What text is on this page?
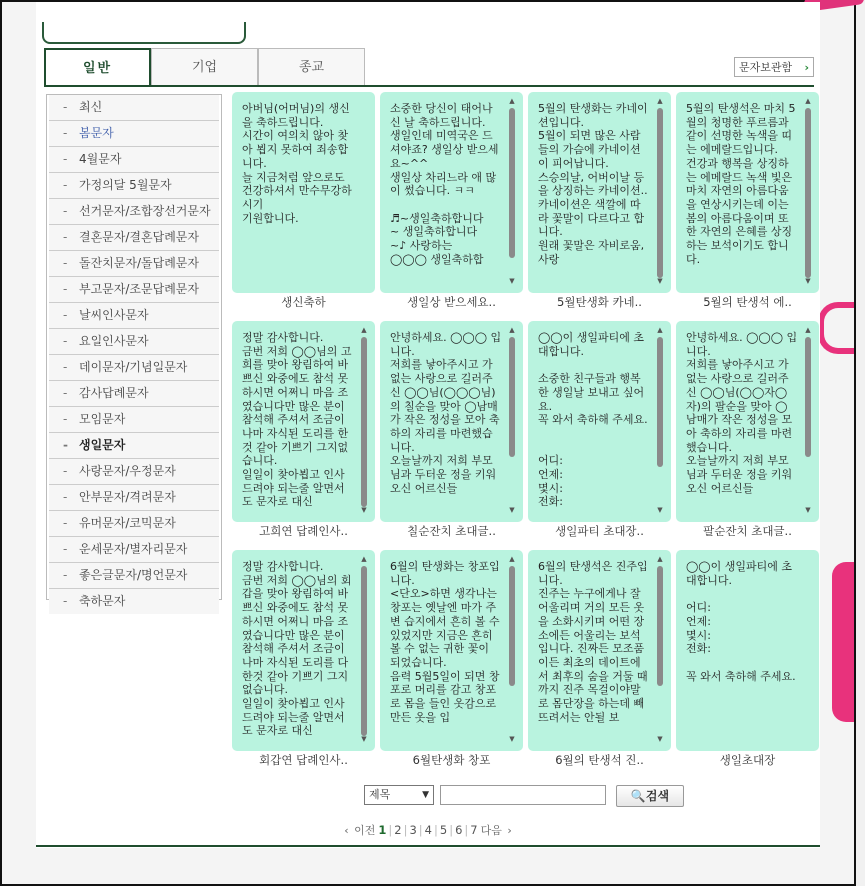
일반	기업	종교	문자보관함 ›
- 최신
- 봄문자
- 4월문자
- 가정의달 5월문자
- 선거문자/조합장선거문자
- 결혼문자/결혼답례문자
- 돌잔치문자/돌답례문자
- 부고문자/조문답례문자
- 날씨인사문자
- 요일인사문자
- 데이문자/기념일문자
- 감사답례문자
- 모임문자
- 생일문자
- 사랑문자/우정문자
- 안부문자/격려문자
- 유머문자/코믹문자
- 운세문자/별자리문자
- 좋은글문자/명언문자
- 축하문자
아버님(어머님)의 생신을 축하드립니다.
시간이 여의치 않아 찾아 뵙지 못하여 죄송합니다.
늘 지금처럼 앞으로도 건강하셔서 만수무강하시기
기원합니다.
생신축하
소중한 당신이 태어나신 날 축하드립니다.
생일인데 미역국은 드셔야죠? 생일상 받으세요~^^
생일상 차리느라 애 많이 썼습니다. ㅋㅋ

♬~생일축하합니다
~ 생일축하합니다
~♪ 사랑하는
◯◯◯ 생일축하합
▲
▼
생일상 받으세요..
5월의 탄생화는 카네이션입니다.
5월이 되면 많은 사람들의 가슴에 카네이션이 피어납니다.
스승의날, 어버이날 등을 상징하는 카네이션..
카네이션은 색깔에 따라 꽃말이 다르다고 합니다.
원래 꽃말은 자비로움, 사랑
▲
▼
5월탄생화 카네..
5월의 탄생석은 마치 5월의 청명한 푸르름과 같이 선명한 녹색을 띠는 에메랄드입니다.
건강과 행복을 상징하는 에메랄드 녹색 빛은 마치 자연의 아름다움을 연상시키는데 이는 봄의 아름다움이며 또한 자연의 은혜를 상징하는 보석이기도 합니다.
▲
▼
5월의 탄생석 에..
정말 감사합니다.
금번 저희 ◯◯님의 고희를 맞아 왕림하여 바쁘신 와중에도 참석 못하시면 어쩌니 마음 조였습니다만 많은 분이 참석해 주셔서 조금이나마 자식된 도리를 한것 같아 기쁘기 그지없습니다.
일일이 찾아뵙고 인사드려야 되는줄 알면서도 문자로 대신
▲
▼
고희연 답례인사..
안녕하세요. ◯◯◯ 입니다.
저희를 낳아주시고 가없는 사랑으로 길러주신 ◯◯님(◯◯◯님)의 칠순을 맞아 ◯남매가 작은 정성을 모아 축하의 자리를 마련했습니다.
오늘날까지 저희 부모님과 두터운 정을 키워오신 어르신들
▲
▼
칠순잔치 초대글..
◯◯이 생일파티에 초대합니다.

소중한 친구들과 행복한 생일날 보내고 싶어요.
꼭 와서 축하해 주세요.

어디:
언제:
몇시:
전화:
▲
▼
생일파티 초대장..
안녕하세요. ◯◯◯ 입니다.
저희를 낳아주시고 가없는 사랑으로 길러주신 ◯◯님(◯◯자◯자)의 팔순을 맞아 ◯남매가 작은 정성을 모아 축하의 자리를 마련했습니다.
오늘날까지 저희 부모님과 두터운 정을 키워오신 어르신들
▲
▼
팔순잔치 초대글..
정말 감사합니다.
금번 저희 ◯◯님의 회갑을 맞아 왕림하여 바쁘신 와중에도 참석 못하시면 어쩌니 마음 조였습니다만 많은 분이 참석해 주셔서 조금이나마 자식된 도리를 다 한것 같아 기쁘기 그지없습니다.
일일이 찾아뵙고 인사드려야 되는줄 알면서도 문자로 대신
▲
▼
회갑연 답례인사..
6월의 탄생화는 창포입니다.
<단오>하면 생각나는 창포는 옛날엔 마가 주변 습지에서 흔히 볼 수 있었지만 지금은 흔히 볼 수 없는 귀한 꽃이 되었습니다.
음력 5월5일이 되면 창포로 머리를 감고 창포로 몸을 들인 옷감으로 만든 옷을 입
▲
▼
6월탄생화 창포
6월의 탄생석은 진주입니다.
진주는 누구에게나 잘 어울리며 거의 모든 옷을 소화시키며 어떤 장소에든 어울리는 보석입니다. 진짜든 모조품이든 최초의 데이트에서 최후의 숨을 거둘 때까지 진주 목걸이야말로 몸단장을 하는데 빼뜨려서는 안될 보
▲
▼
6월의 탄생석 진..
◯◯이 생일파티에 초대합니다.

어디:
언제:
몇시:
전화:

꼭 와서 축하해 주세요.
생일초대장
제목	▼	🔍검색
‹ 이전 1 | 2 | 3 | 4 | 5 | 6 | 7 다음 ›
